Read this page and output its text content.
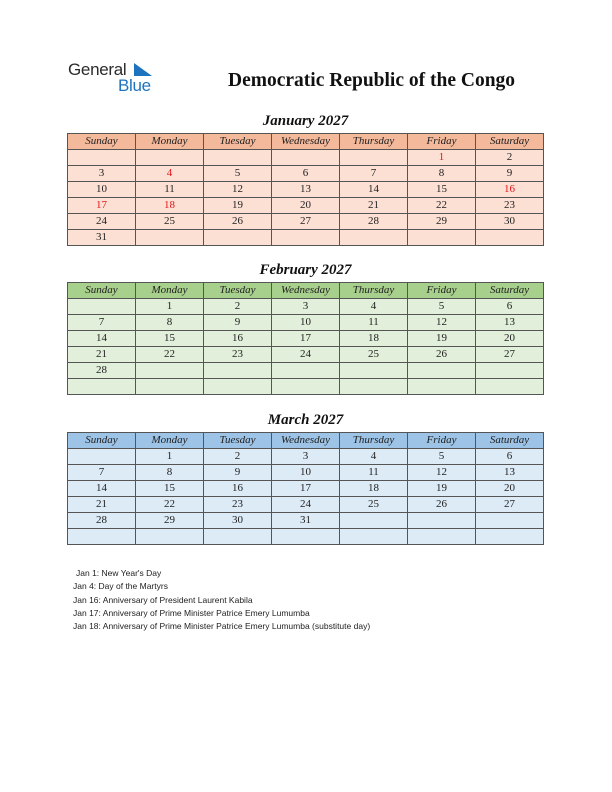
General
Blue	Democratic Republic of the Congo
January 2027
Sunday	Monday	Tuesday	Wednesday	Thursday	Friday	Saturday
					1	2
3	4	5	6	7	8	9
10	11	12	13	14	15	16
17	18	19	20	21	22	23
24	25	26	27	28	29	30
31						
February 2027
Sunday	Monday	Tuesday	Wednesday	Thursday	Friday	Saturday
	1	2	3	4	5	6
7	8	9	10	11	12	13
14	15	16	17	18	19	20
21	22	23	24	25	26	27
28						

March 2027
Sunday	Monday	Tuesday	Wednesday	Thursday	Friday	Saturday
	1	2	3	4	5	6
7	8	9	10	11	12	13
14	15	16	17	18	19	20
21	22	23	24	25	26	27
28	29	30	31			

Jan 1: New Year's Day
Jan 4: Day of the Martyrs
Jan 16: Anniversary of President Laurent Kabila
Jan 17: Anniversary of Prime Minister Patrice Emery Lumumba
Jan 18: Anniversary of Prime Minister Patrice Emery Lumumba (substitute day)
